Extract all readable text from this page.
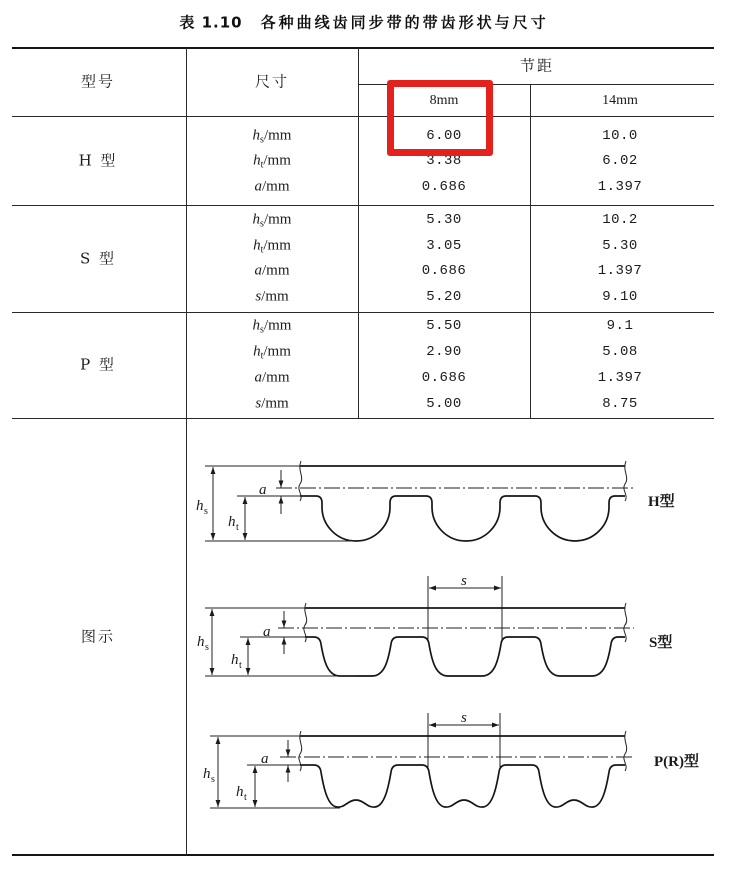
表 1.10 各种曲线齿同步带的带齿形状与尺寸
型号	尺寸
节距
8mm	14mm
H 型
$h_s/mm$	6.00	10.0
$h_t/mm$	3.38	6.02
a/mm	0.686	1.397
S 型
$h_s/mm$	5.30	10.2
$h_t/mm$	3.05	5.30
a/mm	0.686	1.397
s/mm	5.20	9.10
P 型
$h_s/mm$	5.50	9.1
$h_t/mm$	2.90	5.08
a/mm	0.686	1.397
s/mm	5.00	8.75
图示
h s
h t
a
H型
s
h s
h t
a
S型
s
h s
h t
a	P(R)型
